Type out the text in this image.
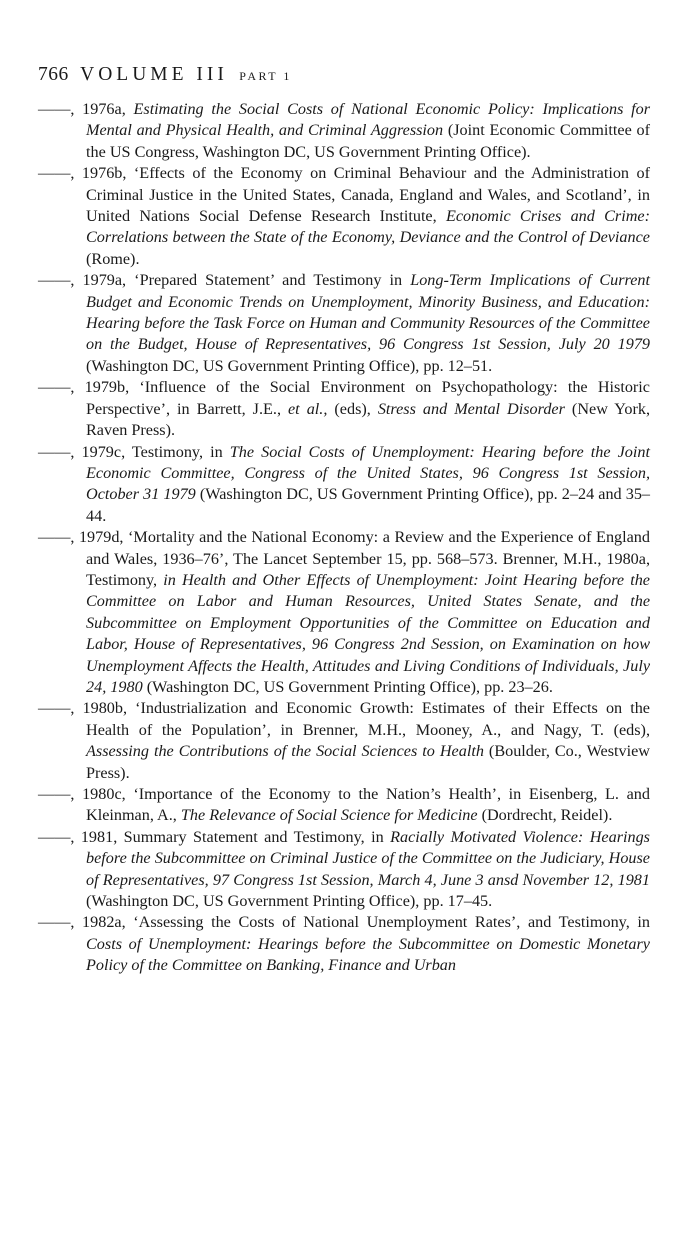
766 VOLUME III PART 1

——, 1976a, Estimating the Social Costs of National Economic Policy: Implications for Mental and Physical Health, and Criminal Aggression (Joint Economic Committee of the US Congress, Washington DC, US Government Printing Office).

——, 1976b, ‘Effects of the Economy on Criminal Behaviour and the Administration of Criminal Justice in the United States, Canada, England and Wales, and Scotland’, in United Nations Social Defense Research Institute, Economic Crises and Crime: Correlations between the State of the Economy, Deviance and the Control of Deviance (Rome).

——, 1979a, ‘Prepared Statement’ and Testimony in Long-Term Implications of Current Budget and Economic Trends on Unemployment, Minority Business, and Education: Hearing before the Task Force on Human and Community Resources of the Committee on the Budget, House of Representatives, 96 Congress 1st Session, July 20 1979 (Washington DC, US Government Printing Office), pp. 12–51.

——, 1979b, ‘Influence of the Social Environment on Psychopathology: the Historic Perspective’, in Barrett, J.E., et al., (eds), Stress and Mental Disorder (New York, Raven Press).

——, 1979c, Testimony, in The Social Costs of Unemployment: Hearing before the Joint Economic Committee, Congress of the United States, 96 Congress 1st Session, October 31 1979 (Washington DC, US Government Printing Office), pp. 2–24 and 35–44.

——, 1979d, ‘Mortality and the National Economy: a Review and the Experience of England and Wales, 1936–76’, The Lancet September 15, pp. 568–573. Brenner, M.H., 1980a, Testimony, in Health and Other Effects of Unemployment: Joint Hearing before the Committee on Labor and Human Resources, United States Senate, and the Subcommittee on Employment Opportunities of the Committee on Education and Labor, House of Representatives, 96 Congress 2nd Session, on Examination on how Unemployment Affects the Health, Attitudes and Living Conditions of Individuals, July 24, 1980 (Washington DC, US Government Printing Office), pp. 23–26.

——, 1980b, ‘Industrialization and Economic Growth: Estimates of their Effects on the Health of the Population’, in Brenner, M.H., Mooney, A., and Nagy, T. (eds), Assessing the Contributions of the Social Sciences to Health (Boulder, Co., Westview Press).

——, 1980c, ‘Importance of the Economy to the Nation’s Health’, in Eisenberg, L. and Kleinman, A., The Relevance of Social Science for Medicine (Dordrecht, Reidel).

——, 1981, Summary Statement and Testimony, in Racially Motivated Violence: Hearings before the Subcommittee on Criminal Justice of the Committee on the Judiciary, House of Representatives, 97 Congress 1st Session, March 4, June 3 ansd November 12, 1981 (Washington DC, US Government Printing Office), pp. 17–45.

——, 1982a, ‘Assessing the Costs of National Unemployment Rates’, and Testimony, in Costs of Unemployment: Hearings before the Subcommittee on Domestic Monetary Policy of the Committee on Banking, Finance and Urban
